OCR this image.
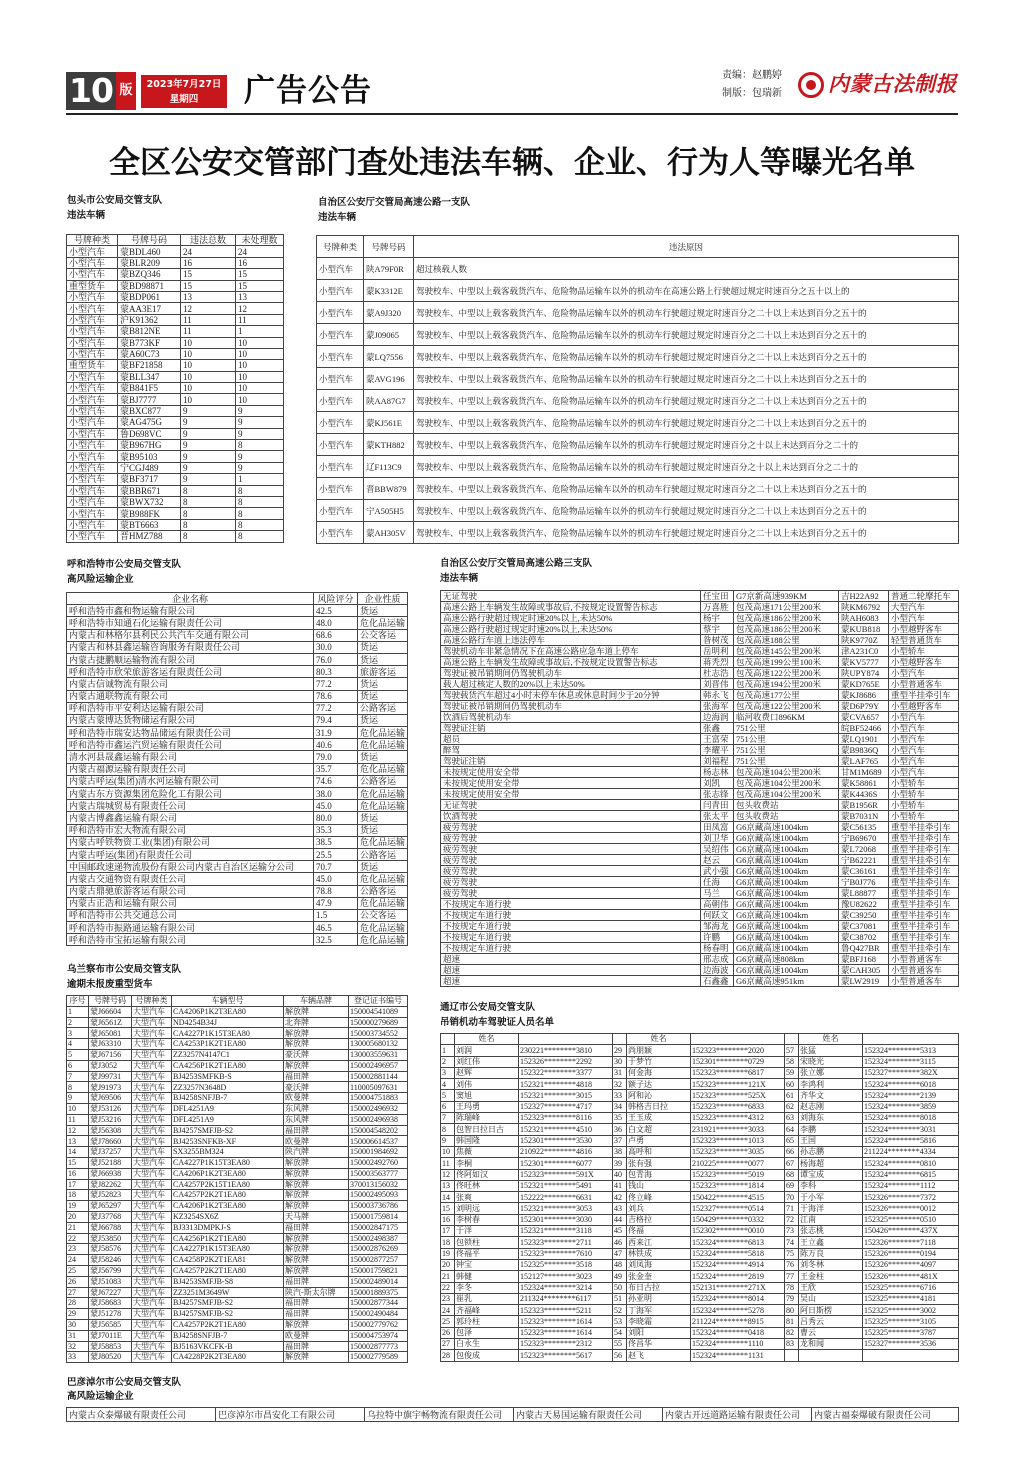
10 版	2023年7月27日
星期四	广告公告	责编：赵鹏婷
制版：包瑞新 内蒙古法制报
全区公安交管部门查处违法车辆、企业、行为人等曝光名单
包头市公安局交管支队
违法车辆
号牌种类	号牌号码	违法总数	未处理数
小型汽车	蒙BDL460	24	24
小型汽车	蒙BLR209	16	16
小型汽车	蒙BZQ346	15	15
重型货车	蒙BD98871	15	15
小型汽车	蒙BDP061	13	13
小型汽车	蒙AA3E17	12	12
小型汽车	沪K91362	11	11
小型汽车	蒙B812NE	11	1
小型汽车	蒙B773KF	10	10
小型汽车	蒙A60C73	10	10
重型货车	蒙BF21858	10	10
小型汽车	蒙BLL347	10	10
小型汽车	蒙B841F5	10	10
小型汽车	蒙BJ7777	10	10
小型汽车	蒙BXC877	9	9
小型汽车	蒙AG475G	9	9
小型汽车	鲁D698VC	9	9
小型汽车	蒙B967HG	9	8
小型汽车	蒙B95103	9	9
小型汽车	宁CGJ489	9	9
小型汽车	蒙BF3717	9	1
小型汽车	蒙BBR671	8	8
小型汽车	蒙BWX732	8	8
小型汽车	蒙B988FK	8	8
小型汽车	蒙BT6663	8	8
小型汽车	晋HMZ788	8	8
自治区公安厅交管局高速公路一支队
违法车辆
号牌种类	号牌号码	违法原因
小型汽车	陕A79F0R	超过核载人数
小型汽车	蒙K3312E	驾驶校车、中型以上载客载货汽车、危险物品运输车以外的机动车在高速公路上行驶超过规定时速百分之五十以上的
小型汽车	蒙A9J320	驾驶校车、中型以上载客载货汽车、危险物品运输车以外的机动车行驶超过规定时速百分之二十以上未达到百分之五十的
小型汽车	蒙J09065	驾驶校车、中型以上载客载货汽车、危险物品运输车以外的机动车行驶超过规定时速百分之二十以上未达到百分之五十的
小型汽车	蒙LQ7556	驾驶校车、中型以上载客载货汽车、危险物品运输车以外的机动车行驶超过规定时速百分之二十以上未达到百分之五十的
小型汽车	蒙AVG196	驾驶校车、中型以上载客载货汽车、危险物品运输车以外的机动车行驶超过规定时速百分之二十以上未达到百分之五十的
小型汽车	陕AA87G7	驾驶校车、中型以上载客载货汽车、危险物品运输车以外的机动车行驶超过规定时速百分之二十以上未达到百分之五十的
小型汽车	蒙KJ561E	驾驶校车、中型以上载客载货汽车、危险物品运输车以外的机动车行驶超过规定时速百分之二十以上未达到百分之五十的
小型汽车	蒙KTH882	驾驶校车、中型以上载客载货汽车、危险物品运输车以外的机动车行驶超过规定时速百分之十以上未达到百分之二十的
小型汽车	辽F113C9	驾驶校车、中型以上载客载货汽车、危险物品运输车以外的机动车行驶超过规定时速百分之十以上未达到百分之二十的
小型汽车	晋BBW879	驾驶校车、中型以上载客载货汽车、危险物品运输车以外的机动车行驶超过规定时速百分之二十以上未达到百分之五十的
小型汽车	宁A505H5	驾驶校车、中型以上载客载货汽车、危险物品运输车以外的机动车行驶超过规定时速百分之二十以上未达到百分之五十的
小型汽车	蒙AH305V	驾驶校车、中型以上载客载货汽车、危险物品运输车以外的机动车行驶超过规定时速百分之二十以上未达到百分之五十的
呼和浩特市公安局交管支队
高风险运输企业
企业名称	风险评分	企业性质
呼和浩特市鑫和物运输有限公司	42.5	货运
呼和浩特市知通石化运输有限责任公司	48.0	危化品运输
内蒙古和林格尔县利民公共汽车交通有限公司	68.6	公交客运
内蒙古和林县鑫运输咨询服务有限责任公司	30.0	货运
内蒙古捷鹏顺运输物流有限公司	76.0	货运
呼和浩特市欣荣旅游客运有限责任公司	80.3	旅游客运
内蒙古信诚物流有限公司	77.2	货运
内蒙古通联物流有限公司	78.6	货运
呼和浩特市平安利达运输有限公司	77.2	公路客运
内蒙古蒙博达货物储运有限公司	79.4	货运
呼和浩特市瑞安达物品储运有限责任公司	31.9	危化品运输
呼和浩特市鑫运汽贸运输有限责任公司	40.6	危化品运输
清水河县晟鑫运输有限公司	79.0	货运
内蒙古福源运输有限责任公司	35.7	危化品运输
内蒙古呼运(集团)清水河运输有限公司	74.6	公路客运
内蒙古东方资源集团危险化工有限公司	38.0	危化品运输
内蒙古瑞城贸易有限责任公司	45.0	危化品运输
内蒙古博鑫鑫运输有限公司	80.0	货运
呼和浩特市宏大物流有限公司	35.3	货运
内蒙古呼铁物资工业(集团)有限公司	38.5	危化品运输
内蒙古呼运(集团)有限责任公司	25.5	公路客运
中国邮政速递物流股份有限公司内蒙古自治区运输分公司	70.7	货运
内蒙古交通物资有限责任公司	45.0	危化品运输
内蒙古鼎驰旅游客运有限公司	78.8	公路客运
内蒙古正浩和运输有限公司	47.9	危化品运输
呼和浩特市公共交通总公司	1.5	公交客运
呼和浩特市振路通运输有限公司	46.5	危化品运输
呼和浩特市宝拓运输有限公司	32.5	危化品运输
自治区公安厅交管局高速公路三支队
违法车辆
无证驾驶	任宝田	G7京新高速939KM	吉H22A92	普通二轮摩托车
高速公路上车辆发生故障或事故后,不按规定设置警告标志	万喜胜	包茂高速171公里200米	陕KM6792	大型汽车
高速公路行驶超过规定时速20%以上,未达50%	杨宇	包茂高速186公里200米	陕AH6083	小型汽车
高速公路行驶超过规定时速20%以上,未达50%	蔡宇	包茂高速186公里200米	蒙KUB818	小型越野客车
高速公路行车道上违法停车	昝树茂	包茂高速188公里	陕K9770Z	轻型普通货车
驾驶机动车非紧急情况下在高速公路应急车道上停车	岳明利	包茂高速145公里200米	津A231C0	小型轿车
高速公路上车辆发生故障或事故后,不按规定设置警告标志	蒋秃烈	包茂高速199公里100米	蒙KV5777	小型越野客车
驾驶证被吊销期间仍驾驶机动车	杜志浩	包茂高速122公里200米	陕UPY874	小型汽车
载人超过核定人数的20%以上未达50%	刘晋伟	包茂高速194公里200米	蒙KD765E	小型普通客车
驾驶载货汽车超过4小时未停车休息或休息时间少于20分钟	韩永飞	包茂高速177公里	蒙KJ8686	重型半挂牵引车
驾驶证被吊销期间仍驾驶机动车	张海军	包茂高速122公里200米	蒙D6P79Y	小型越野客车
饮酒后驾驶机动车	边海润	临河收费口896KM	蒙CVA657	小型汽车
驾驶证注销	张鑫	751公里	皖BF52466	小型汽车
超员	王富荣	751公里	蒙LQ1901	小型汽车
醉驾	李耀平	751公里	蒙B9836Q	小型汽车
驾驶证注销	刘福程	751公里	蒙LAF765	小型汽车
未按规定使用安全带	杨志林	包茂高速104公里200米	甘M1M689	小型汽车
未按规定使用安全带	刘凯	包茂高速104公里200米	蒙K58861	小型轿车
未按规定使用安全带	张志锋	包茂高速104公里200米	蒙K4436S	小型轿车
无证驾驶	闫青田	包头收费站	蒙B1956R	小型轿车
饮酒驾驶	张太平	包头收费站	蒙B7031N	小型轿车
疲劳驾驶	田凤富	G6京藏高速1004km	蒙C56135	重型半挂牵引车
疲劳驾驶	刘卫华	G6京藏高速1004km	宁B69670	重型半挂牵引车
疲劳驾驶	吴绍伟	G6京藏高速1004km	蒙L72068	重型半挂牵引车
疲劳驾驶	赵云	G6京藏高速1004km	宁B62221	重型半挂牵引车
疲劳驾驶	武小强	G6京藏高速1004km	蒙C36161	重型半挂牵引车
疲劳驾驶	任海	G6京藏高速1004km	宁B0J776	重型半挂牵引车
疲劳驾驶	马兰	G6京藏高速1004km	蒙L88877	重型半挂牵引车
不按规定车道行驶	高朝伟	G6京藏高速1004km	豫U82622	重型半挂牵引车
不按规定车道行驶	何跃文	G6京藏高速1004km	蒙C39250	重型半挂牵引车
不按规定车道行驶	邹海龙	G6京藏高速1004km	蒙C37081	重型半挂牵引车
不按规定车道行驶	许鹏	G6京藏高速1004km	蒙C38702	重型半挂牵引车
不按规定车道行驶	杨春明	G6京藏高速1004km	鲁Q427BR	重型半挂牵引车
超速	邢志成	G6京藏高速808km	蒙BFJ168	小型普通客车
超速	边海波	G6京藏高速1004km	蒙CAH305	小型普通客车
超速	石鑫鑫	G6京藏高速951km	蒙LW2919	小型普通客车
乌兰察布市公安局交管支队
逾期未报废重型货车
序号	号牌号码	号牌种类	车辆型号	车辆品牌	登记证书编号
1	蒙J66604	大型汽车	CA4206P1K2T3EA80	解放牌	150004541089
2	蒙J6561Z	大型汽车	ND4254B34J	北奔牌	150000279689
3	蒙J65081	大型汽车	CA4227P1K15T3EA80	解放牌	150003734552
4	蒙J63310	大型汽车	CA4253P1K2T1EA80	解放牌	130005680132
5	蒙J67156	大型汽车	ZZ3257N4147C1	豪沃牌	130003559631
6	蒙J3052	大型汽车	CA4256P1K2T1EA80	解放牌	150002496957
7	蒙J99731	大型汽车	BJ4253SMFKB-S	福田牌	150002881144
8	蒙J91973	大型汽车	ZZ3257N3648D	豪沃牌	110005097631
9	蒙J69506	大型汽车	BJ4258SNFJB-7	欧曼牌	150004751883
10	蒙J53126	大型汽车	DFL4251A9	东风牌	150002496932
11	蒙J53216	大型汽车	DFL4251A9	东风牌	150002496938
12	蒙J56308	大型汽车	BJ4257SMFJB-S2	福田牌	150004548202
13	蒙J78660	大型汽车	BJ4253SNFKB-XF	欧曼牌	150006614537
14	蒙J37257	大型汽车	SX3255BM324	陕汽牌	150001984692
15	蒙J52188	大型汽车	CA4227P1K15T3EA80	解放牌	150002492760
16	蒙J66938	大型汽车	CA4206P1K2T3EA80	解放牌	150003563777
17	蒙J82262	大型汽车	CA4257P2K15T1EA80	解放牌	370013156032
18	蒙J52823	大型汽车	CA4257P2K2T1EA80	解放牌	150002495093
19	蒙J65297	大型汽车	CA4206P1K2T3EA80	解放牌	150003736786
20	蒙J37768	大型汽车	KZ3254SX6Z	天马牌	150001759814
21	蒙J66788	大型汽车	BJ3313DMPKJ-S	福田牌	150002847175
22	蒙J53850	大型汽车	CA4256P1K2T1EA80	解放牌	150002498387
23	蒙J58576	大型汽车	CA4227P1K15T3EA80	解放牌	150002876269
24	蒙J58246	大型汽车	CA4258P2K2T1EA81	解放牌	150002877257
25	蒙J56799	大型汽车	CA4257P2K2T1EA80	解放牌	150001759821
26	蒙J51083	大型汽车	BJ4253SMFJB-S8	福田牌	150002489014
27	蒙J67227	大型汽车	ZZ3251M3649W	陕汽-斯太尔牌	150001889375
28	蒙J58683	大型汽车	BJ4257SMFJB-S2	福田牌	150002877344
29	蒙J51278	大型汽车	BJ4257SMFJB-S2	福田牌	150002490484
30	蒙J56585	大型汽车	CA4257P2K2T1EA80	解放牌	150002779762
31	蒙J7011E	大型汽车	BJ4258SNFJB-7	欧曼牌	150004753974
32	蒙J58853	大型汽车	BJ5163VKCFK-B	福田牌	150002877773
33	蒙J80520	大型汽车	CA4228P2K2T3EA80	解放牌	150002779589
通辽市公安局交管支队
吊销机动车驾驶证人员名单
	姓名			姓名			姓名	
1	刘润	230221********3810	29	尚朋颖	152323********2020	57	张猛	152324********5313
2	刘红伟	152326********2292	30	于梦竹	152301********0729	58	宋晓光	152324********3115
3	赵辉	152322********3377	31	何金海	152323********6817	59	张立娜	152327********382X
4	刘伟	152321********4818	32	额子达	152323********121X	60	李鸿利	152324********6018
5	窦旭	152321********3015	33	阿和沁	152323********525X	61	齐华文	152324********2139
6	王玛勇	152327********4717	34	韩格吉日拉	152323********6833	62	赵志刚	152324********3859
7	陈瑞峰	152323********8116	35	王玉成	152323********4312	63	刘海东	152324********8018
8	包智日拉日古	152321********4510	36	白文超	231921********3033	64	李鹏	152324********3031
9	韩国隆	152301********3530	37	卢勇	152323********1013	65	王国	152324********5816
10	焦薇	210922********4816	38	高呼和	152323********3035	66	孙志鹏	211224********4334
11	李桐	152301********6077	39	张有强	210225********0077	67	杨海超	152324********0810
12	佟阿如汉	152323********591X	40	包青海	152323********5019	68	谭宝成	152324********6815
13	佟旺林	152321********5491	41	钱山	152323********1814	69	李科	152324********1112
14	张爽	152222********6631	42	佟立峰	150422********4515	70	于小军	152326********7372
15	刘明远	152321********3053	43	刘兵	152327********0514	71	于海洋	152326********0012
16	李树春	152301********3030	44	吉格拉	150429********0332	72	江南	152325********0510
17	于洋	152321********3118	45	佟福	152302********0010	73	张志桃	150426********437X
18	包锁柱	152323********2711	46	西来江	152324********6813	74	王立鑫	152326********7118
19	佟福平	152323********7610	47	林铁成	152324********5818	75	陈万良	152326********0194
20	钟宝	152325********3518	48	刘凤海	152324********4914	76	刘冬林	152326********4097
21	韩健	152127********3023	49	张金奎	152324********2819	77	王金柱	152326********481X
22	李冬	152324********3214	50	布日古拉	152131********271X	78	王欣	152325********6716
23	崔乳	211324********6117	51	孙亚明	152324********8014	79	吴山	152325********4181
24	齐福峰	152323********5211	52	丁海军	152324********5278	80	阿日斯楞	152325********3002
25	郭玲柱	152323********1614	53	李晓霜	211224********8915	81	吕秀云	152325********3105
26	包泽	152323********1614	54	刘阳	152324********0418	82	曹云	152325********3787
27	白永生	152323********2312	55	佟昌华	152324********1110	83	龙和闻	152327********3536
28	包俊成	152323********5617	56	赵飞	152324********1131			
巴彦淖尔市公安局交管支队
高风险运输企业
内蒙古众泰爆破有限责任公司	巴彦淖尔市昌安化工有限公司	乌拉特中旗宇畅物流有限责任公司	内蒙古天易国运输有限责任公司	内蒙古开远道路运输有限责任公司	内蒙古福泰爆破有限责任公司
